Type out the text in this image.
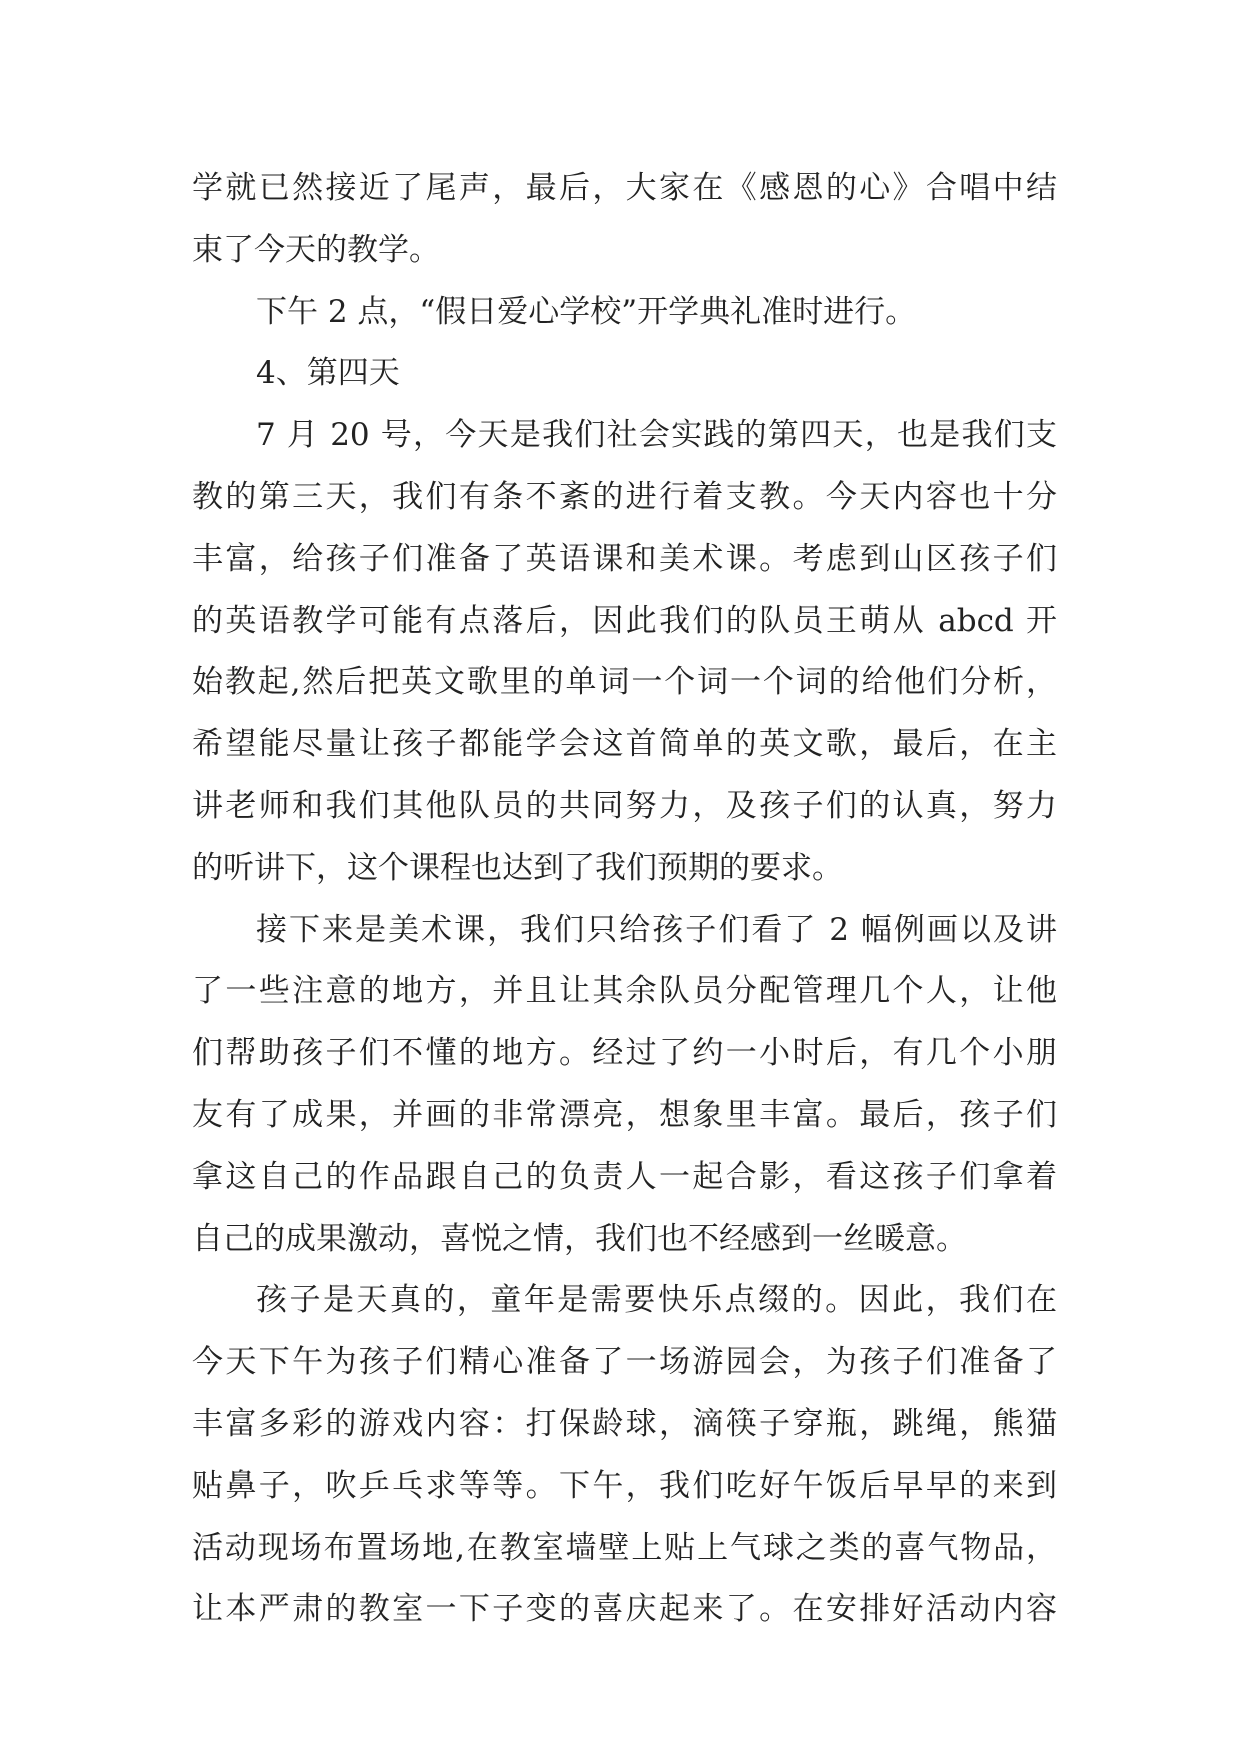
学就已然接近了尾声，最后，大家在《感恩的心》合唱中结
束了今天的教学。
下午 2 点，“假日爱心学校”开学典礼准时进行。
4、第四天
7 月 20 号，今天是我们社会实践的第四天，也是我们支
教的第三天，我们有条不紊的进行着支教。今天内容也十分
丰富，给孩子们准备了英语课和美术课。考虑到山区孩子们
的英语教学可能有点落后，因此我们的队员王萌从 abcd 开
始教起,然后把英文歌里的单词一个词一个词的给他们分析，
希望能尽量让孩子都能学会这首简单的英文歌，最后，在主
讲老师和我们其他队员的共同努力，及孩子们的认真，努力
的听讲下，这个课程也达到了我们预期的要求。
接下来是美术课，我们只给孩子们看了 2 幅例画以及讲
了一些注意的地方，并且让其余队员分配管理几个人，让他
们帮助孩子们不懂的地方。经过了约一小时后，有几个小朋
友有了成果，并画的非常漂亮，想象里丰富。最后，孩子们
拿这自己的作品跟自己的负责人一起合影，看这孩子们拿着
自己的成果激动，喜悦之情，我们也不经感到一丝暖意。
孩子是天真的，童年是需要快乐点缀的。因此，我们在
今天下午为孩子们精心准备了一场游园会，为孩子们准备了
丰富多彩的游戏内容：打保龄球，滴筷子穿瓶，跳绳，熊猫
贴鼻子，吹乒乓求等等。下午，我们吃好午饭后早早的来到
活动现场布置场地,在教室墙壁上贴上气球之类的喜气物品，
让本严肃的教室一下子变的喜庆起来了。在安排好活动内容
